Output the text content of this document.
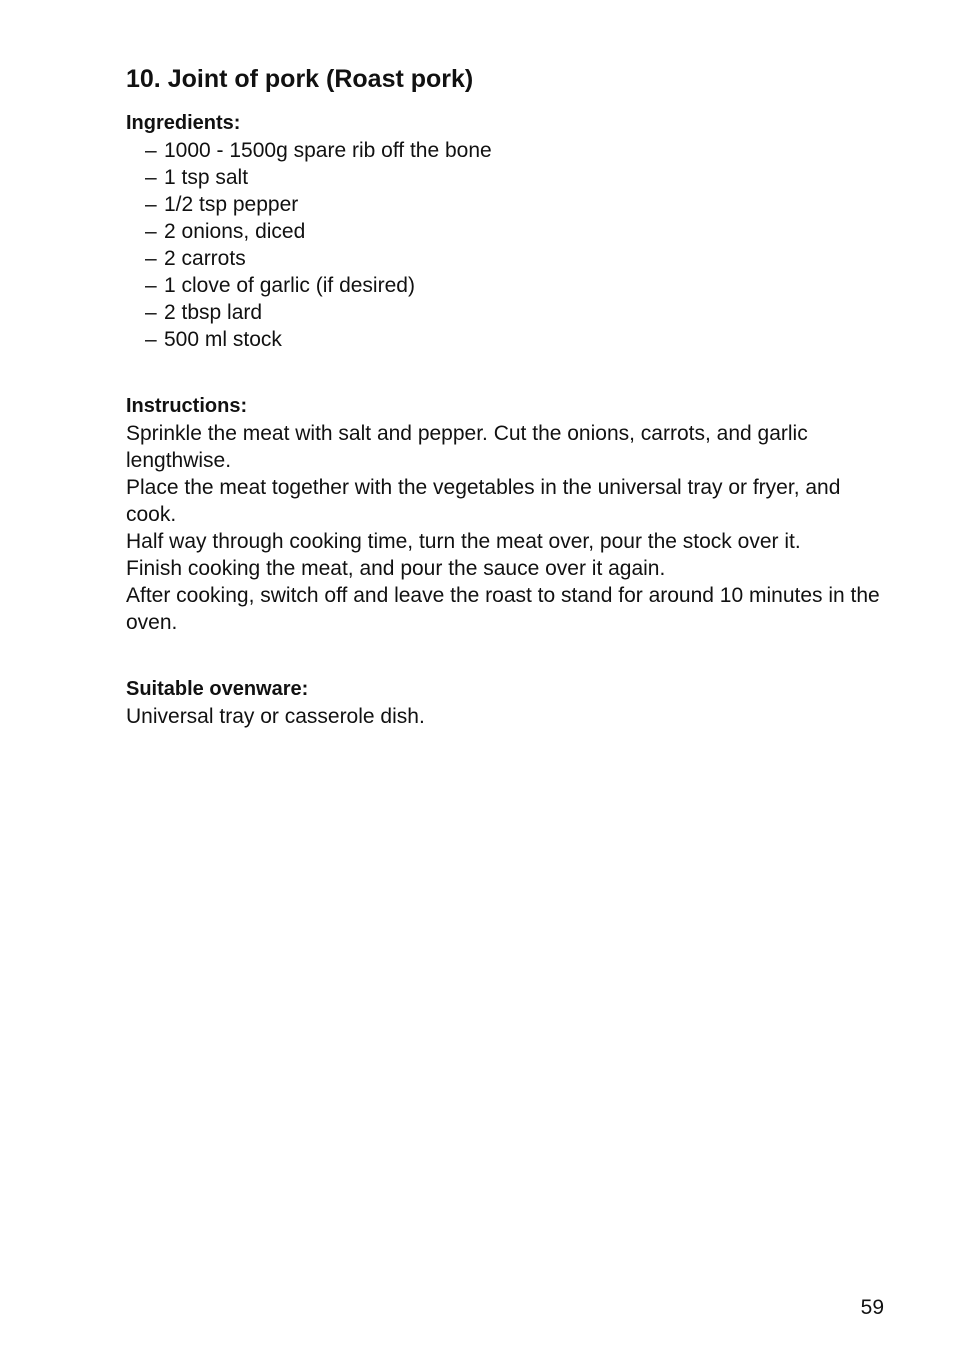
10. Joint of pork (Roast pork)
Ingredients:
– 1000 - 1500g spare rib off the bone
– 1 tsp salt
– 1/2 tsp pepper
– 2 onions, diced
– 2 carrots
– 1 clove of garlic (if desired)
– 2 tbsp lard
– 500 ml stock
Instructions:

Sprinkle the meat with salt and pepper. Cut the onions, carrots, and garlic lengthwise.

Place the meat together with the vegetables in the universal tray or fryer, and cook.

Half way through cooking time, turn the meat over, pour the stock over it.

Finish cooking the meat, and pour the sauce over it again.

After cooking, switch off and leave the roast to stand for around 10 minutes in the oven.

Suitable ovenware:

Universal tray or casserole dish.

59
